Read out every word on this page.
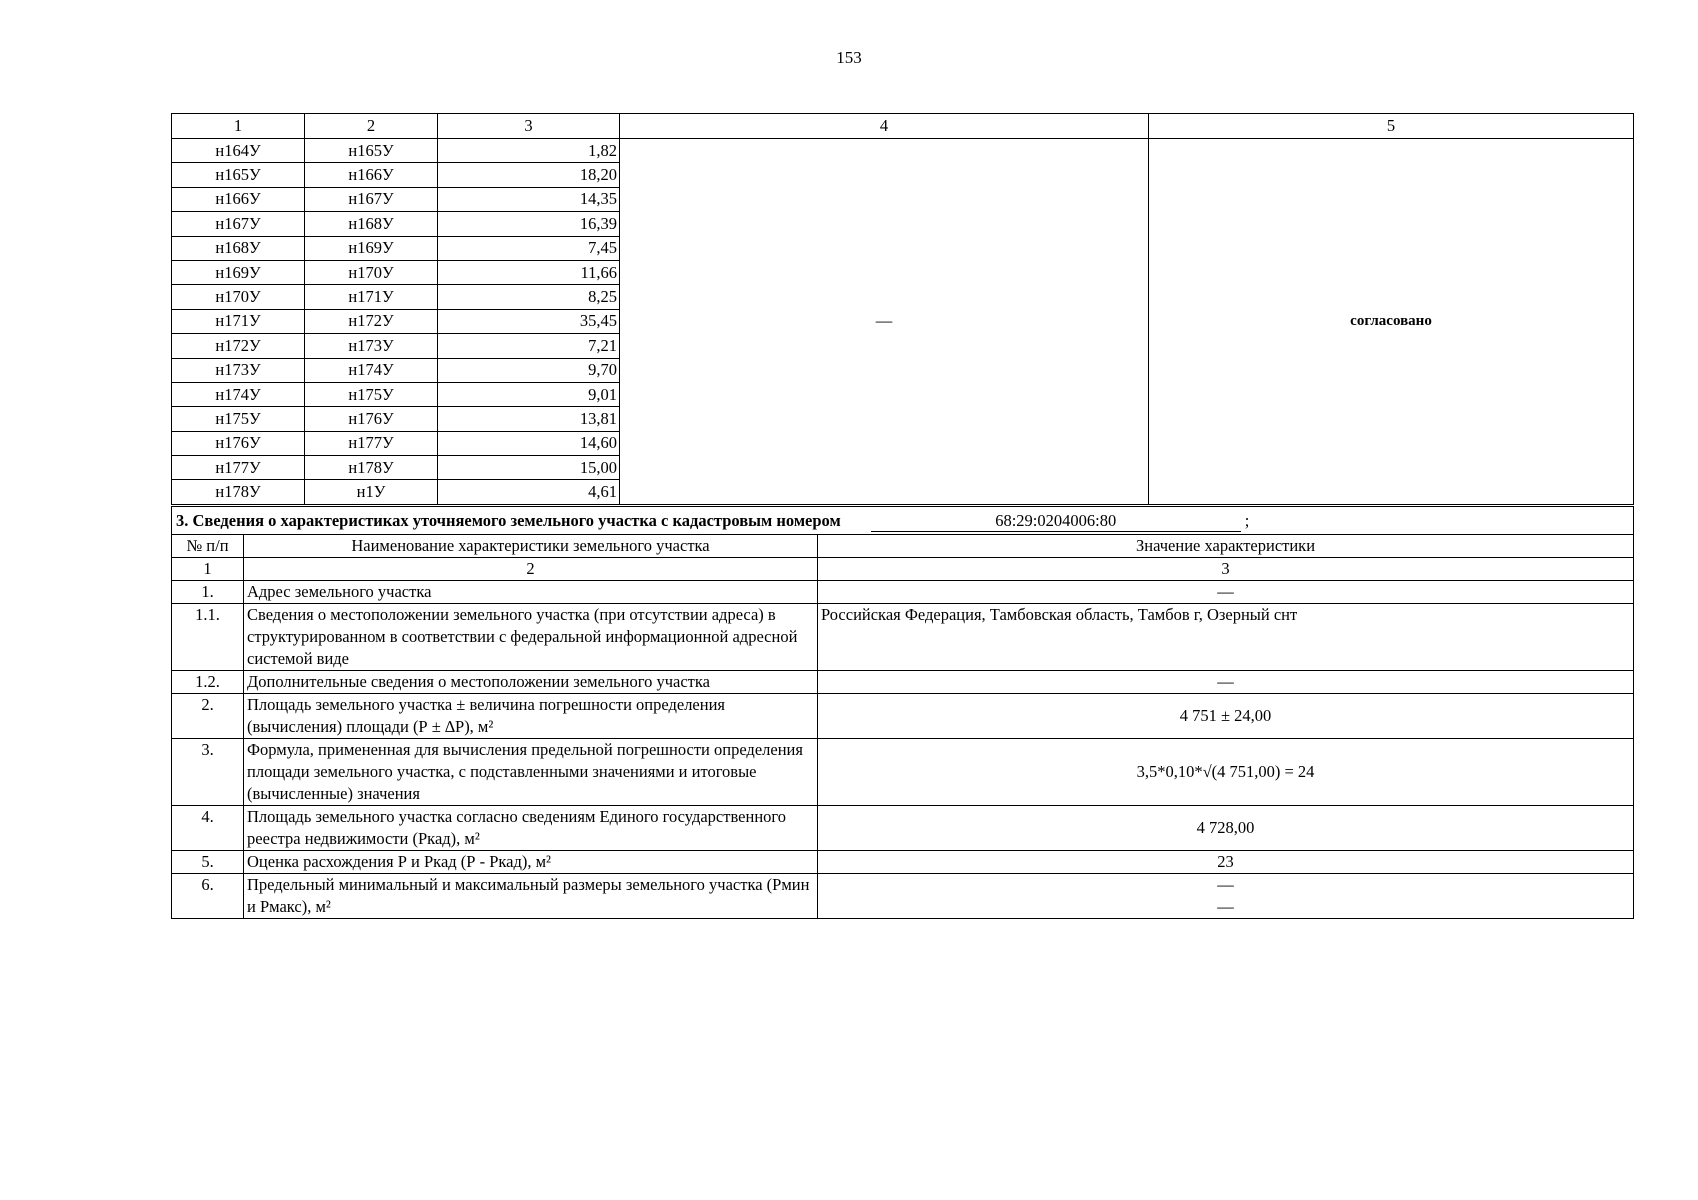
153
1	2	3	4	5
н164У	н165У	1,82	—	согласовано
н165У	н166У	18,20		
н166У	н167У	14,35		
н167У	н168У	16,39		
н168У	н169У	7,45		
н169У	н170У	11,66		
н170У	н171У	8,25		
н171У	н172У	35,45		
н172У	н173У	7,21		
н173У	н174У	9,70		
н174У	н175У	9,01		
н175У	н176У	13,81		
н176У	н177У	14,60		
н177У	н178У	15,00		
н178У	н1У	4,61		
3. Сведения о характеристиках уточняемого земельного участка с кадастровым номером 68:29:0204006:80 ;		
№ п/п	Наименование характеристики земельного участка	Значение характеристики
1	2	3
1.	Адрес земельного участка	—
1.1.	Сведения о местоположении земельного участка (при отсутствии адреса) в структурированном в соответствии с федеральной информационной адресной системой виде	Российская Федерация, Тамбовская область, Тамбов г, Озерный снт
1.2.	Дополнительные сведения о местоположении земельного участка	—
2.	Площадь земельного участка ± величина погрешности определения (вычисления) площади (Р ± ∆Р), м²	4 751 ± 24,00
3.	Формула, примененная для вычисления предельной погрешности определения площади земельного участка, с подставленными значениями и итоговые (вычисленные) значения	3,5*0,10*√(4 751,00) = 24
4.	Площадь земельного участка согласно сведениям Единого государственного реестра недвижимости (Ркад), м²	4 728,00
5.	Оценка расхождения Р и Ркад (Р - Ркад), м²	23
6.	Предельный минимальный и максимальный размеры земельного участка (Рмин и Рмакс), м²	—
—
